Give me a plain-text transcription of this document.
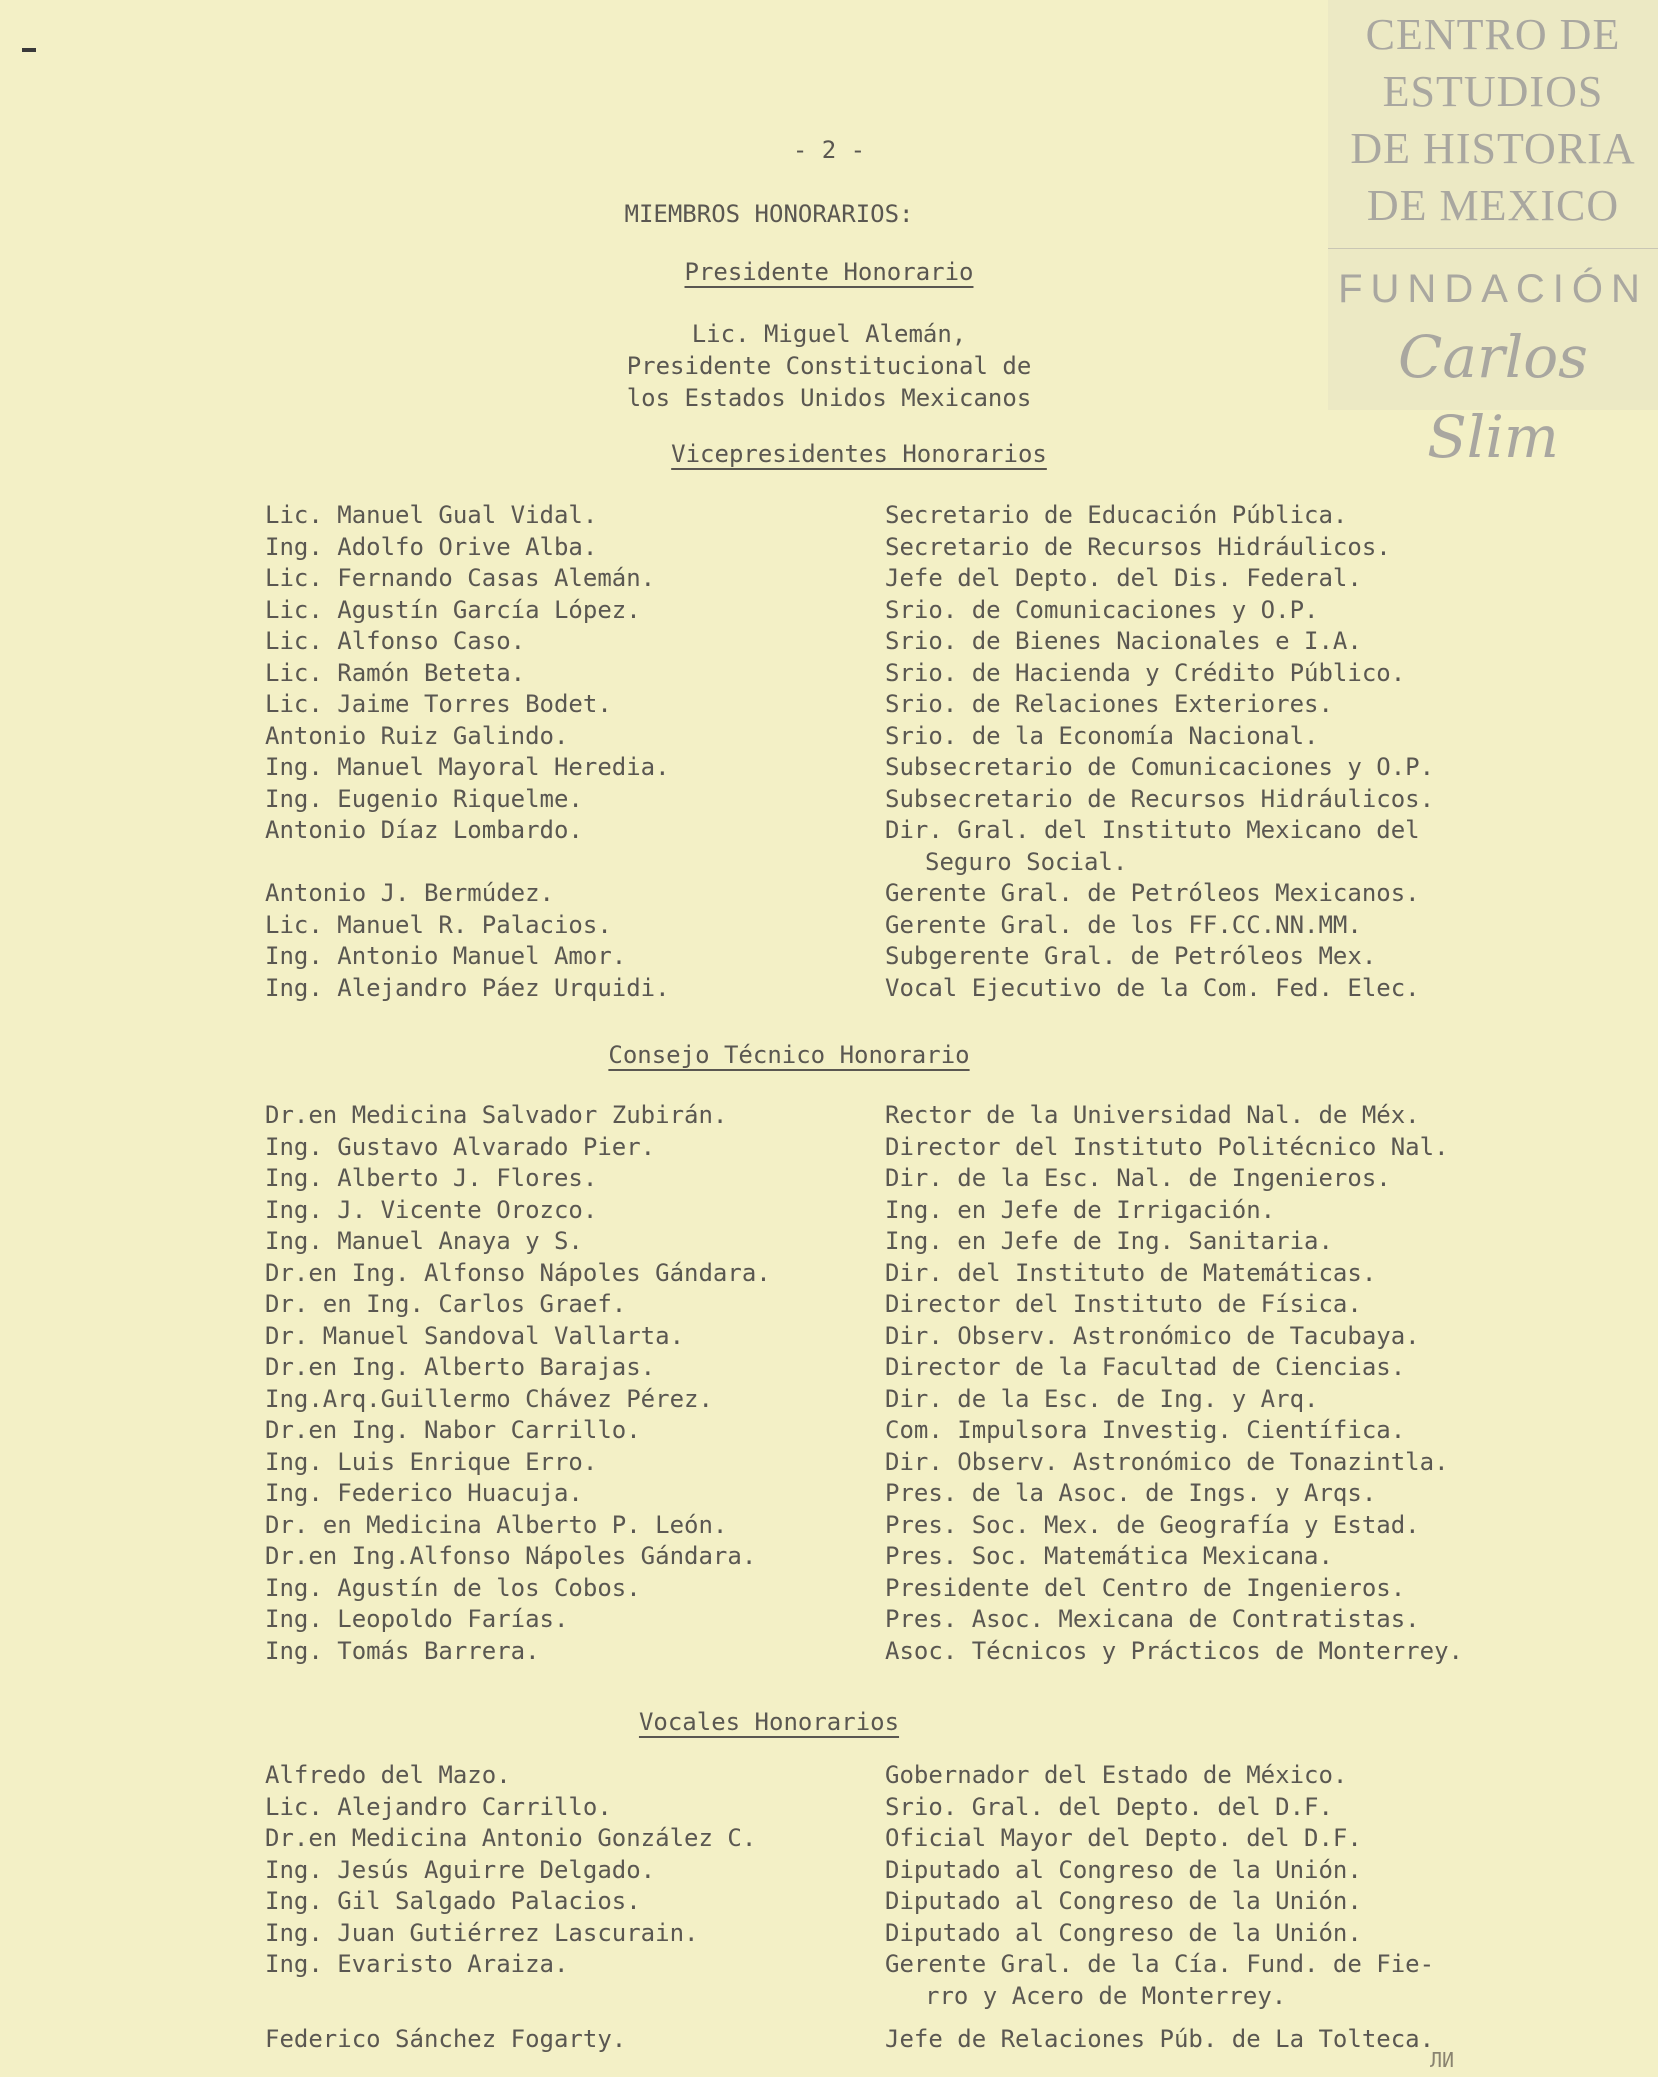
CENTRO DE
ESTUDIOS
DE HISTORIA
DE MEXICO
FUNDACIÓN
Carlos Slim
- 2 -
MIEMBROS HONORARIOS:
Presidente Honorario
Lic. Miguel Alemán,
Presidente Constitucional de
los Estados Unidos Mexicanos
Vicepresidentes Honorarios
Lic. Manuel Gual Vidal.	Secretario de Educación Pública.
Ing. Adolfo Orive Alba.	Secretario de Recursos Hidráulicos.
Lic. Fernando Casas Alemán.	Jefe del Depto. del Dis. Federal.
Lic. Agustín García López.	Srio. de Comunicaciones y O.P.
Lic. Alfonso Caso.	Srio. de Bienes Nacionales e I.A.
Lic. Ramón Beteta.	Srio. de Hacienda y Crédito Público.
Lic. Jaime Torres Bodet.	Srio. de Relaciones Exteriores.
Antonio Ruiz Galindo.	Srio. de la Economía Nacional.
Ing. Manuel Mayoral Heredia.	Subsecretario de Comunicaciones y O.P.
Ing. Eugenio Riquelme.	Subsecretario de Recursos Hidráulicos.
Antonio Díaz Lombardo.	Dir. Gral. del Instituto Mexicano del
Seguro Social.
Antonio J. Bermúdez.	Gerente Gral. de Petróleos Mexicanos.
Lic. Manuel R. Palacios.	Gerente Gral. de los FF.CC.NN.MM.
Ing. Antonio Manuel Amor.	Subgerente Gral. de Petróleos Mex.
Ing. Alejandro Páez Urquidi.	Vocal Ejecutivo de la Com. Fed. Elec.
Consejo Técnico Honorario
Dr.en Medicina Salvador Zubirán.	Rector de la Universidad Nal. de Méx.
Ing. Gustavo Alvarado Pier.	Director del Instituto Politécnico Nal.
Ing. Alberto J. Flores.	Dir. de la Esc. Nal. de Ingenieros.
Ing. J. Vicente Orozco.	Ing. en Jefe de Irrigación.
Ing. Manuel Anaya y S.	Ing. en Jefe de Ing. Sanitaria.
Dr.en Ing. Alfonso Nápoles Gándara.	Dir. del Instituto de Matemáticas.
Dr. en Ing. Carlos Graef.	Director del Instituto de Física.
Dr. Manuel Sandoval Vallarta.	Dir. Observ. Astronómico de Tacubaya.
Dr.en Ing. Alberto Barajas.	Director de la Facultad de Ciencias.
Ing.Arq.Guillermo Chávez Pérez.	Dir. de la Esc. de Ing. y Arq.
Dr.en Ing. Nabor Carrillo.	Com. Impulsora Investig. Científica.
Ing. Luis Enrique Erro.	Dir. Observ. Astronómico de Tonazintla.
Ing. Federico Huacuja.	Pres. de la Asoc. de Ings. y Arqs.
Dr. en Medicina Alberto P. León.	Pres. Soc. Mex. de Geografía y Estad.
Dr.en Ing.Alfonso Nápoles Gándara.	Pres. Soc. Matemática Mexicana.
Ing. Agustín de los Cobos.	Presidente del Centro de Ingenieros.
Ing. Leopoldo Farías.	Pres. Asoc. Mexicana de Contratistas.
Ing. Tomás Barrera.	Asoc. Técnicos y Prácticos de Monterrey.
Vocales Honorarios
Alfredo del Mazo.	Gobernador del Estado de México.
Lic. Alejandro Carrillo.	Srio. Gral. del Depto. del D.F.
Dr.en Medicina Antonio González C.	Oficial Mayor del Depto. del D.F.
Ing. Jesús Aguirre Delgado.	Diputado al Congreso de la Unión.
Ing. Gil Salgado Palacios.	Diputado al Congreso de la Unión.
Ing. Juan Gutiérrez Lascurain.	Diputado al Congreso de la Unión.
Ing. Evaristo Araiza.	Gerente Gral. de la Cía. Fund. de Fie-
rro y Acero de Monterrey.
Federico Sánchez Fogarty.	Jefe de Relaciones Púb. de La Tolteca.
ЛИ
